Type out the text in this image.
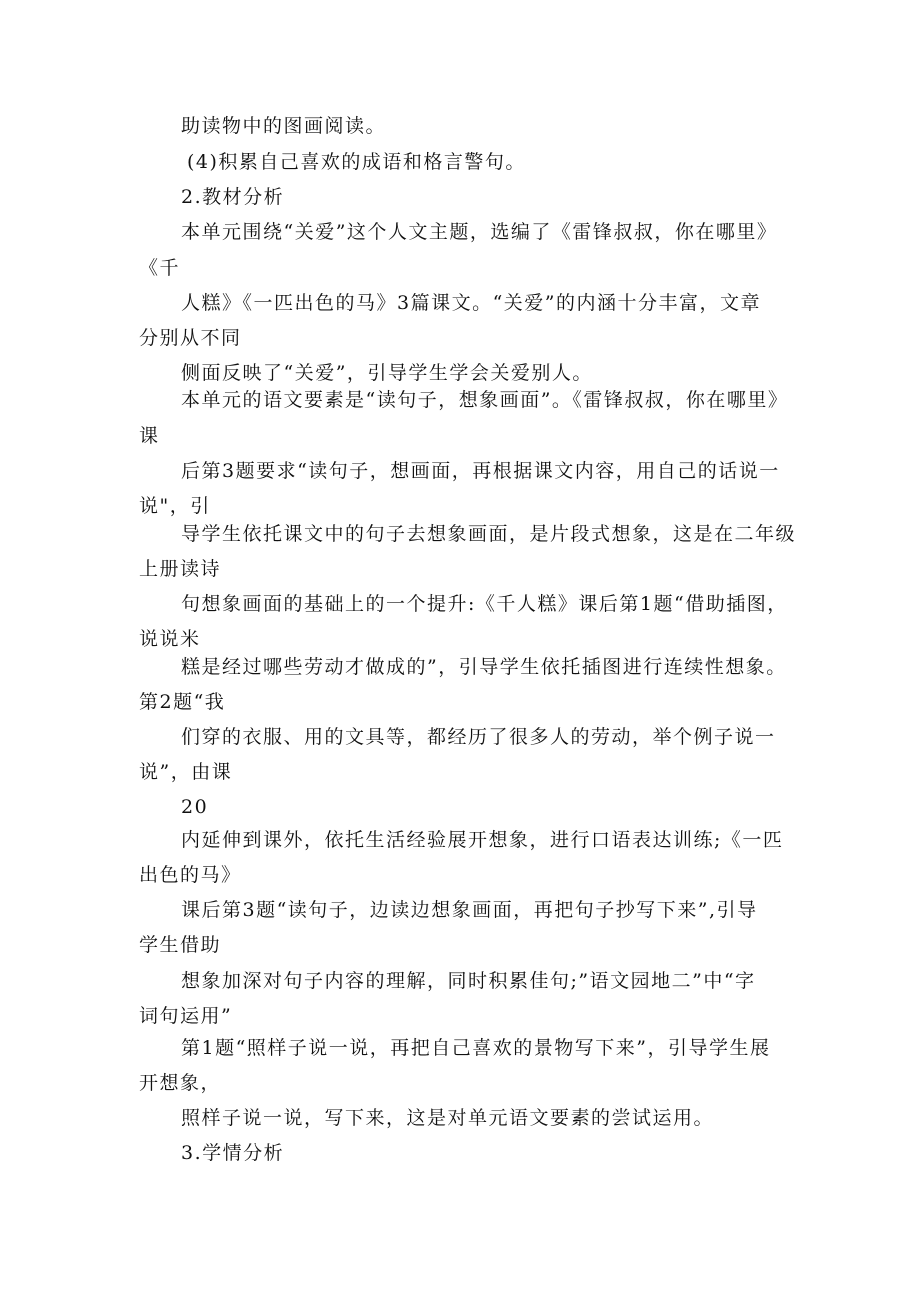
助读物中的图画阅读。
(4)积累自己喜欢的成语和格言警句。
2.教材分析
本单元围绕“关爱”这个人文主题，选编了《雷锋叔叔，你在哪里》
《千
人糕》《一匹出色的马》3篇课文。“关爱”的内涵十分丰富，文章
分别从不同
侧面反映了“关爱”，引导学生学会关爱别人。
本单元的语文要素是“读句子，想象画面”。《雷锋叔叔，你在哪里》
课
后第3题要求“读句子，想画面，再根据课文内容，用自己的话说一
说"，引
导学生依托课文中的句子去想象画面，是片段式想象，这是在二年级
上册读诗
句想象画面的基础上的一个提升:《千人糕》课后第1题“借助插图，
说说米
糕是经过哪些劳动才做成的”，引导学生依托插图进行连续性想象。
第2题“我
们穿的衣服、用的文具等，都经历了很多人的劳动，举个例子说一
说”，由课
20
内延伸到课外，依托生活经验展开想象，进行口语表达训练;《一匹
出色的马》
课后第3题“读句子，边读边想象画面，再把句子抄写下来”,引导
学生借助
想象加深对句子内容的理解，同时积累佳句;”语文园地二”中“字
词句运用”
第1题“照样子说一说，再把自己喜欢的景物写下来”，引导学生展
开想象，
照样子说一说，写下来，这是对单元语文要素的尝试运用。
3.学情分析
